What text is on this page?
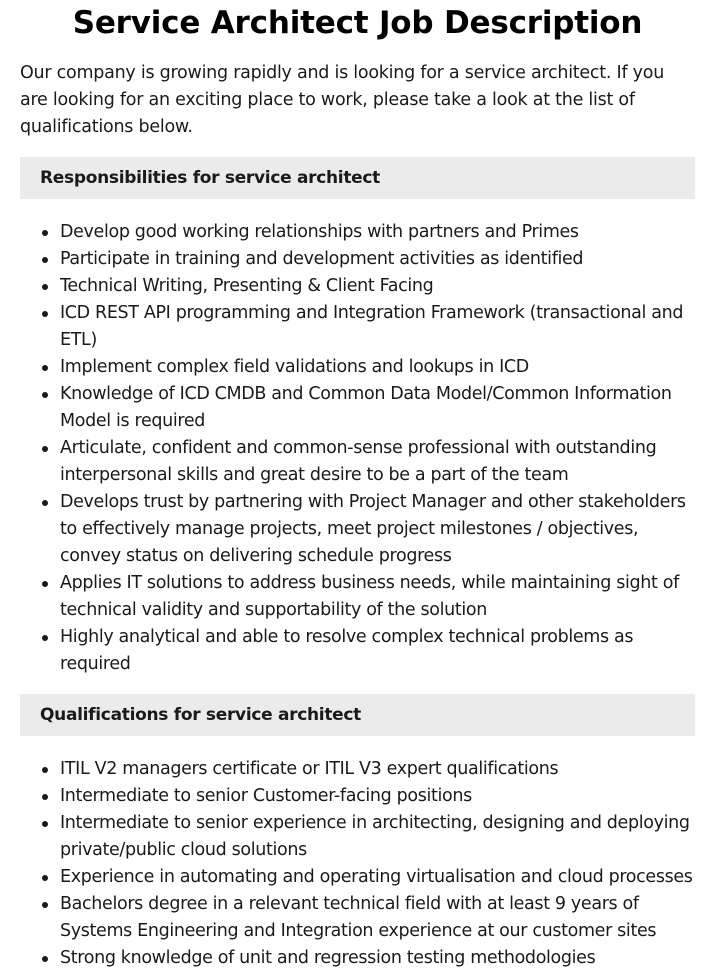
Service Architect Job Description

Our company is growing rapidly and is looking for a service architect. If you are looking for an exciting place to work, please take a look at the list of qualifications below.

Responsibilities for service architect
Develop good working relationships with partners and Primes
Participate in training and development activities as identified
Technical Writing, Presenting & Client Facing
ICD REST API programming and Integration Framework (transactional and ETL)
Implement complex field validations and lookups in ICD
Knowledge of ICD CMDB and Common Data Model/Common Information Model is required
Articulate, confident and common-sense professional with outstanding interpersonal skills and great desire to be a part of the team
Develops trust by partnering with Project Manager and other stakeholders to effectively manage projects, meet project milestones / objectives, convey status on delivering schedule progress
Applies IT solutions to address business needs, while maintaining sight of technical validity and supportability of the solution
Highly analytical and able to resolve complex technical problems as required
Qualifications for service architect
ITIL V2 managers certificate or ITIL V3 expert qualifications
Intermediate to senior Customer-facing positions
Intermediate to senior experience in architecting, designing and deploying private/public cloud solutions
Experience in automating and operating virtualisation and cloud processes
Bachelors degree in a relevant technical field with at least 9 years of Systems Engineering and Integration experience at our customer sites
Strong knowledge of unit and regression testing methodologies
